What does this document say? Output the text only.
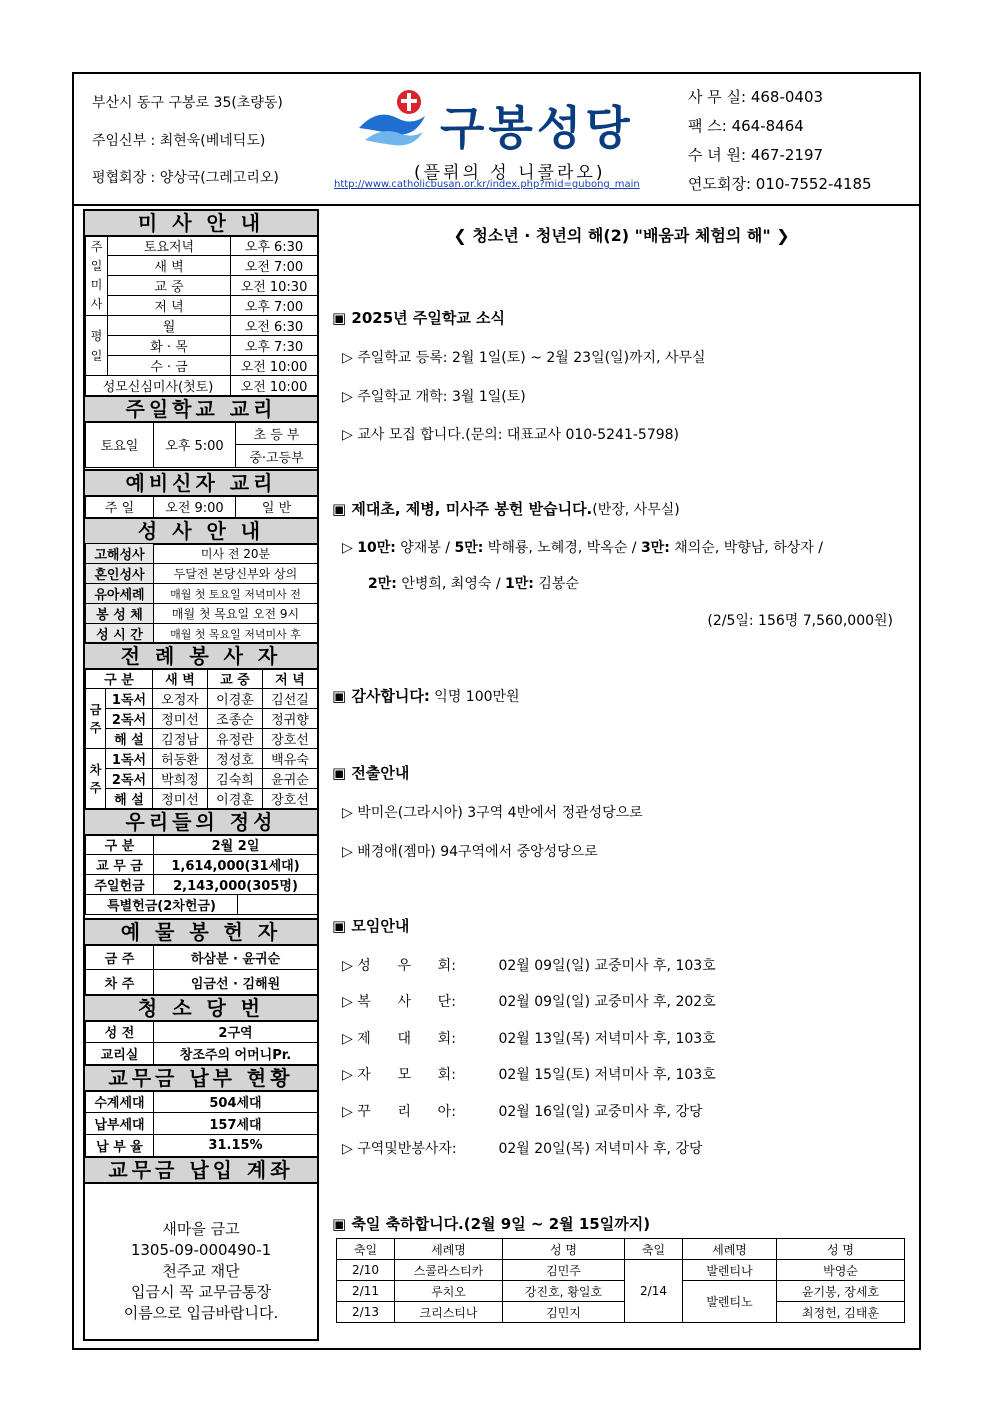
부산시 동구 구봉로 35(초량동)
주임신부 : 최현욱(베네딕도)
평협회장 : 양상국(그레고리오)
구봉성당
(플뤼의 성 니콜라오)
http://www.catholicbusan.or.kr/index.php?mid=gubong_main
사 무 실: 468-0403
팩 스: 464-8464
수 녀 원: 467-2197
연도회장: 010-7552-4185
미 사 안 내
주
일
미
사	토요저녁	오후 6:30
	새 벽	오전 7:00
	교 중	오전 10:30
	저 녁	오후 7:00
평
일	월	오전 6:30
	화 · 목	오후 7:30
	수 · 금	오전 10:00
성모신심미사(첫토)		오전 10:00
주일학교 교리
토요일	오후 5:00	초 등 부
중·고등부
예비신자 교리
주 일	오전 9:00	일 반
성 사 안 내
고해성사	미사 전 20분
혼인성사	두달전 본당신부와 상의
유아세례	매월 첫 토요일 저녁미사 전
봉 성 체	매월 첫 목요일 오전 9시
성 시 간	매월 첫 목요일 저녁미사 후
전 례 봉 사 자
구 분		새 벽	교 중	저 녁
금주	1독서	오정자	이경훈	김선길
	2독서	정미선	조종순	정귀향
	해 설	김정남	유정란	장호선
차주	1독서	허동환	정성호	백유숙
	2독서	박희정	김숙희	윤귀순
	해 설	정미선	이경훈	장호선
우리들의 정성
구 분	2월 2일	
교 무 금	1,614,000(31세대)	
주일헌금	2,143,000(305명)	
특별헌금(2차헌금)		
예 물 봉 헌 자
금 주	하삼분 · 윤귀순
차 주	임금선 · 김해원
청 소 당 번
성 전	2구역
교리실	창조주의 어머니Pr.
교무금 납부 현황
수계세대	504세대
납부세대	157세대
납 부 율	31.15%
교무금 납입 계좌
새마을 금고
1305-09-000490-1
천주교 재단
입금시 꼭 교무금통장
이름으로 입금바랍니다.
❮ 청소년 · 청년의 해(2) "배움과 체험의 해" ❯
▣ 2025년 주일학교 소식
▷ 주일학교 등록: 2월 1일(토) ~ 2월 23일(일)까지, 사무실
▷ 주일학교 개학: 3월 1일(토)
▷ 교사 모집 합니다.(문의: 대표교사 010-5241-5798)
▣ 제대초, 제병, 미사주 봉헌 받습니다.(반장, 사무실)
▷ 10만: 양재봉 / 5만: 박해룡, 노혜경, 박옥순 / 3만: 채의순, 박향남, 하상자 /
2만: 안병희, 최영숙 / 1만: 김봉순
(2/5일: 156명 7,560,000원)
▣ 감사합니다: 익명 100만원
▣ 전출안내
▷ 박미은(그라시아) 3구역 4반에서 정관성당으로
▷ 배경애(젬마) 94구역에서 중앙성당으로
▣ 모임안내
▷ 성      우      회:	02월 09일(일) 교중미사 후, 103호
▷ 복      사      단:	02월 09일(일) 교중미사 후, 202호
▷ 제      대      회:	02월 13일(목) 저녁미사 후, 103호
▷ 자      모      회:	02월 15일(토) 저녁미사 후, 103호
▷ 꾸      리      아:	02월 16일(일) 교중미사 후, 강당
▷ 구역및반봉사자:	02월 20일(목) 저녁미사 후, 강당
▣ 축일 축하합니다.(2월 9일 ~ 2월 15일까지)
축일	세례명	성 명	축일	세례명	성 명
2/10	스콜라스티카	김민주	2/14	발렌티나	박영순
2/11	루치오	강진호, 황일호		발렌티노	윤기봉, 장세호
2/13	크리스티나	김민지			최정헌, 김태훈
